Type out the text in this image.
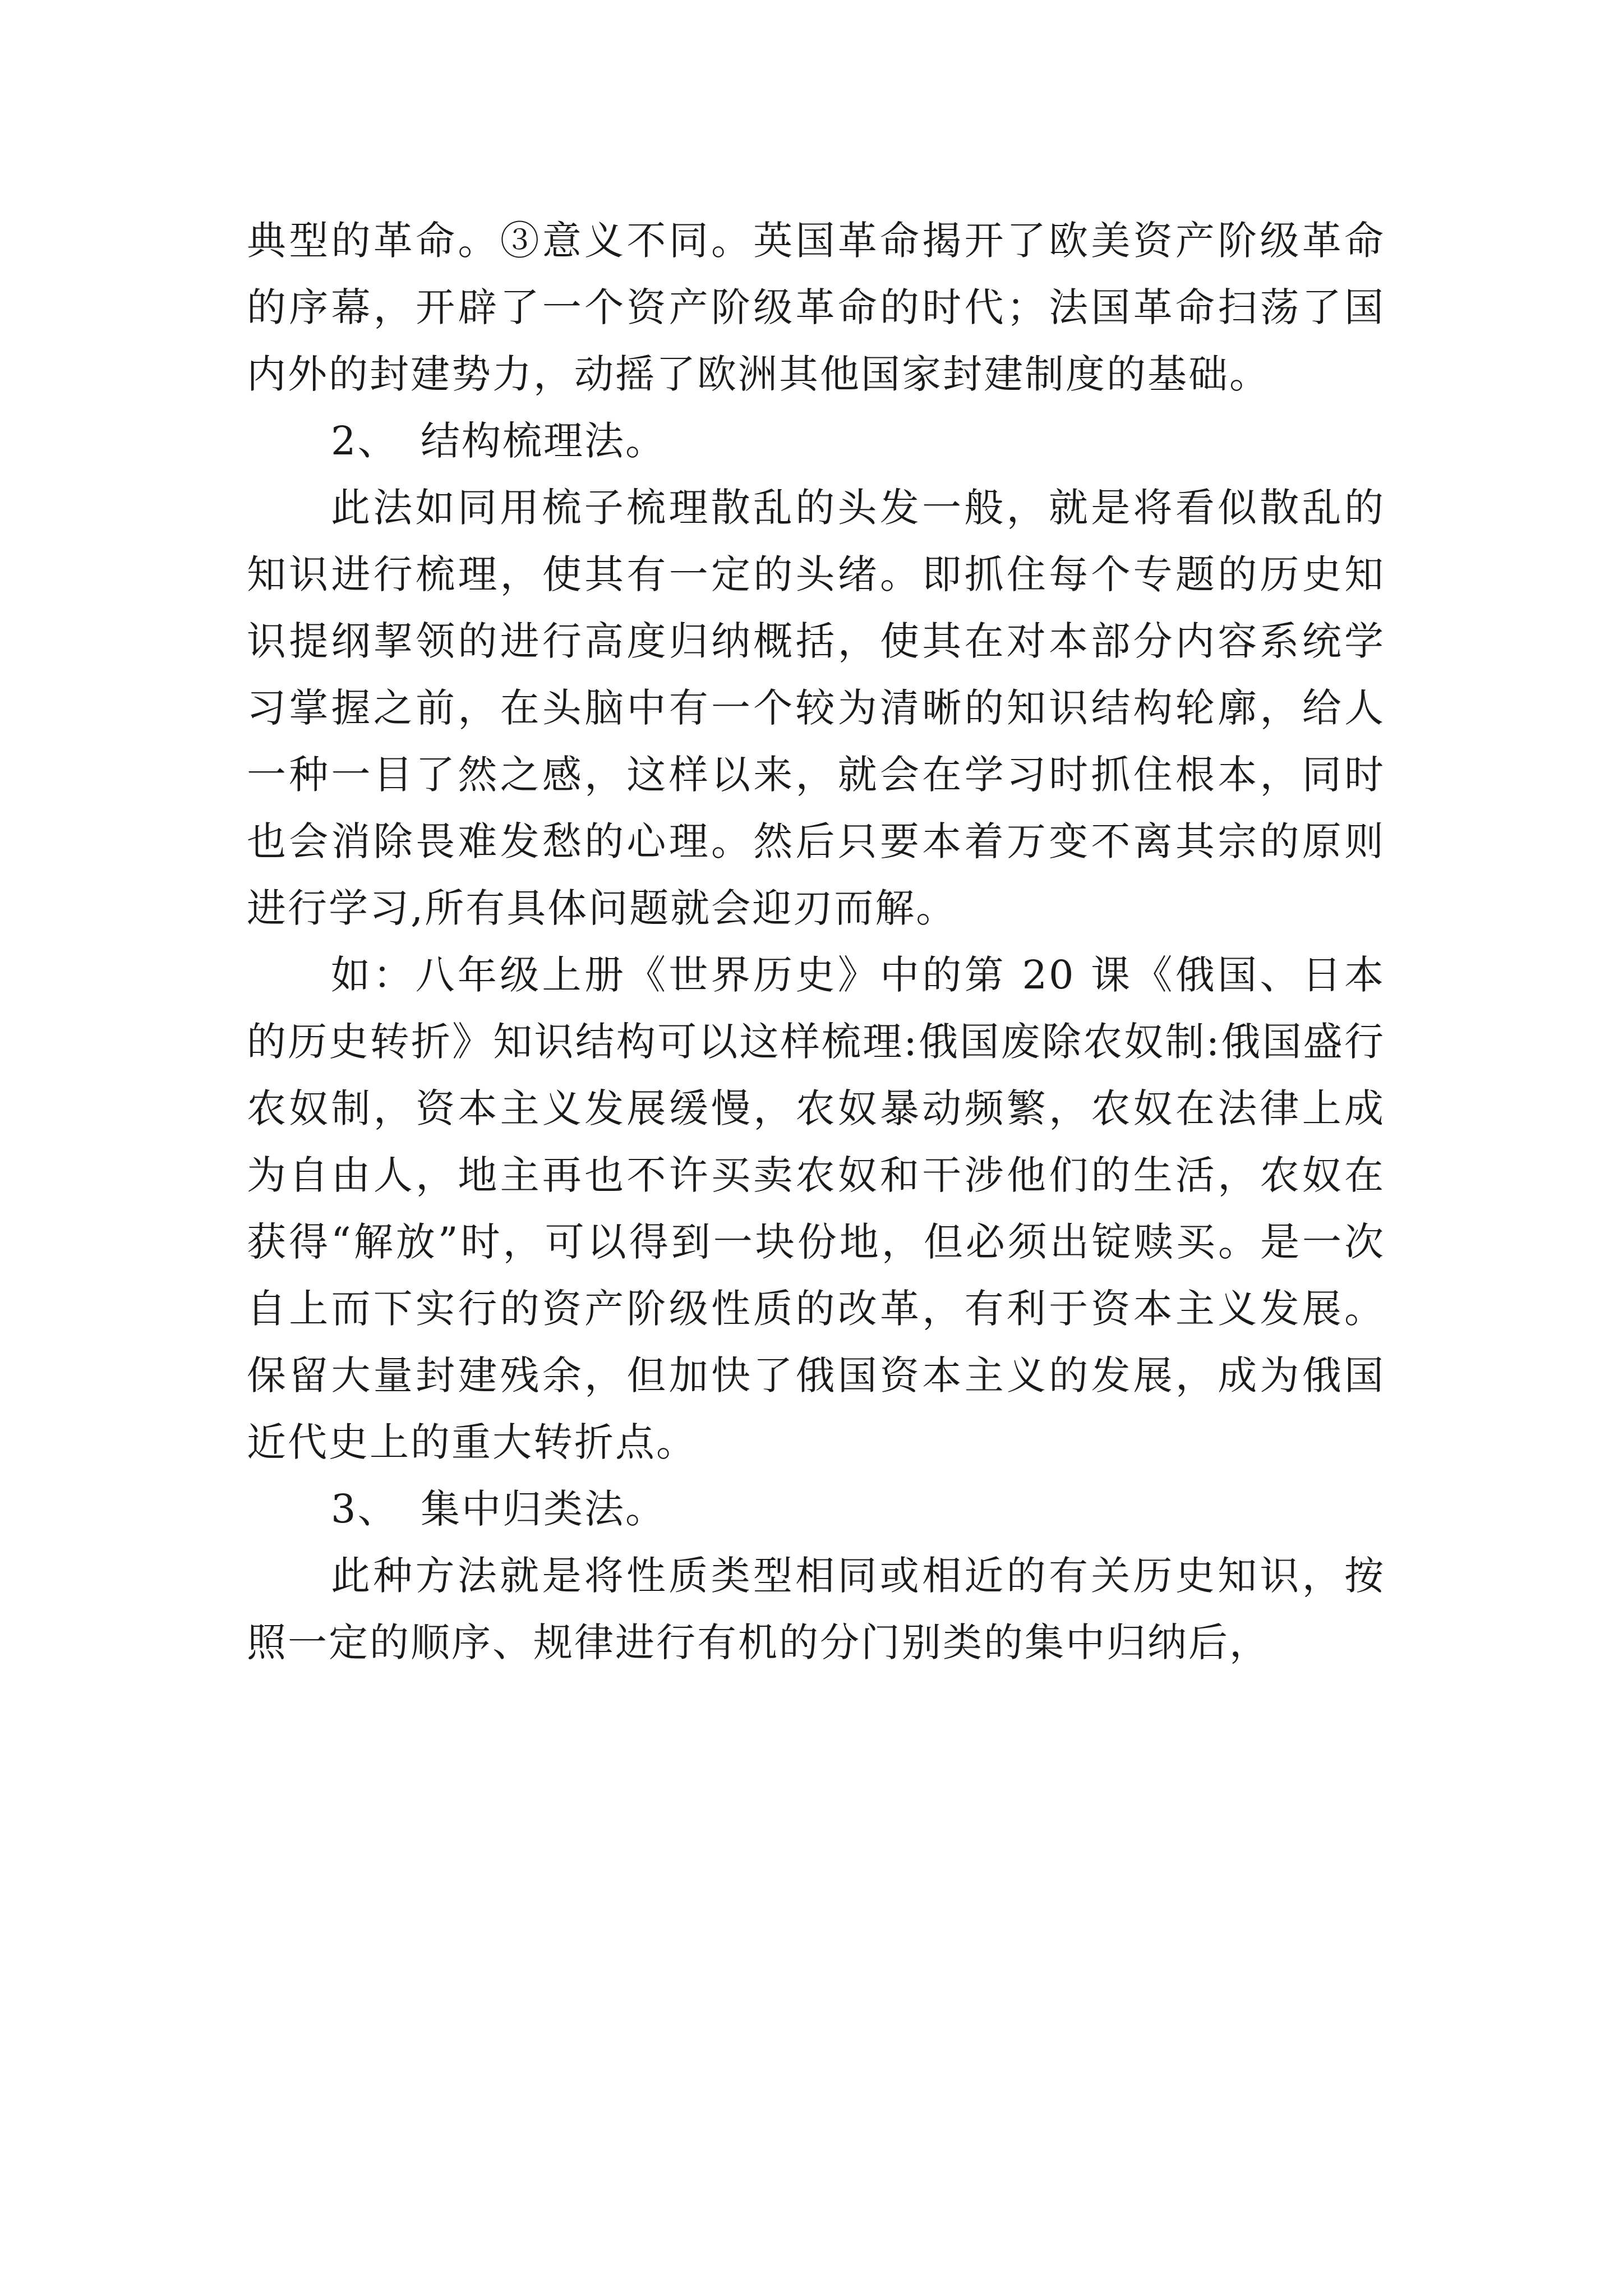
典型的革命。③意义不同。英国革命揭开了欧美资产阶级革命的序幕，开辟了一个资产阶级革命的时代；法国革命扫荡了国内外的封建势力，动摇了欧洲其他国家封建制度的基础。

2、 结构梳理法。

此法如同用梳子梳理散乱的头发一般，就是将看似散乱的知识进行梳理，使其有一定的头绪。即抓住每个专题的历史知识提纲挈领的进行高度归纳概括，使其在对本部分内容系统学习掌握之前，在头脑中有一个较为清晰的知识结构轮廓，给人一种一目了然之感，这样以来，就会在学习时抓住根本，同时也会消除畏难发愁的心理。然后只要本着万变不离其宗的原则进行学习,所有具体问题就会迎刃而解。

如：八年级上册《世界历史》中的第 20 课《俄国、日本的历史转折》知识结构可以这样梳理:俄国废除农奴制:俄国盛行农奴制，资本主义发展缓慢，农奴暴动频繁，农奴在法律上成为自由人，地主再也不许买卖农奴和干涉他们的生活，农奴在获得“解放”时，可以得到一块份地，但必须出锭赎买。是一次自上而下实行的资产阶级性质的改革，有利于资本主义发展。保留大量封建残余，但加快了俄国资本主义的发展，成为俄国近代史上的重大转折点。

3、 集中归类法。

此种方法就是将性质类型相同或相近的有关历史知识，按照一定的顺序、规律进行有机的分门别类的集中归纳后，
